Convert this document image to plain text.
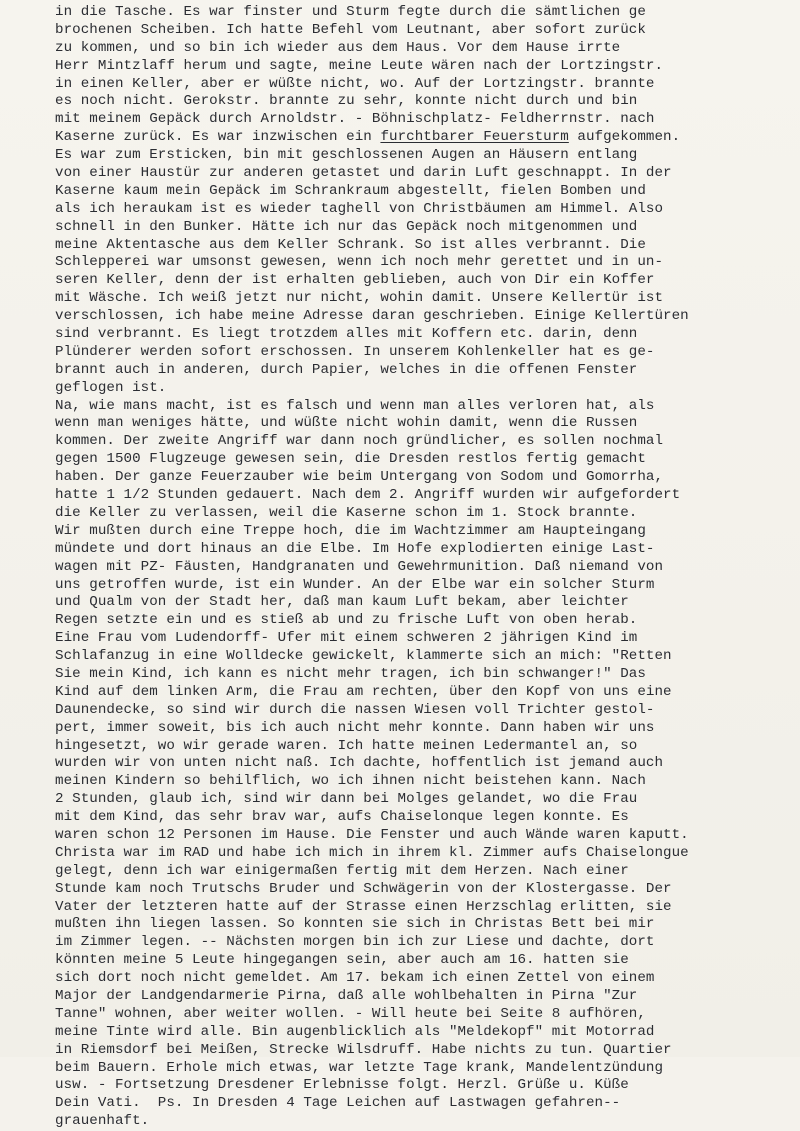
in die Tasche. Es war finster und Sturm fegte durch die sämtlichen ge
brochenen Scheiben. Ich hatte Befehl vom Leutnant, aber sofort zurück
zu kommen, und so bin ich wieder aus dem Haus. Vor dem Hause irrte
Herr Mintzlaff herum und sagte, meine Leute wären nach der Lortzingstr.
in einen Keller, aber er wüßte nicht, wo. Auf der Lortzingstr. brannte
es noch nicht. Gerokstr. brannte zu sehr, konnte nicht durch und bin
mit meinem Gepäck durch Arnoldstr. - Böhnischplatz- Feldherrnstr. nach
Kaserne zurück. Es war inzwischen ein furchtbarer Feuersturm aufgekommen.
Es war zum Ersticken, bin mit geschlossenen Augen an Häusern entlang
von einer Haustür zur anderen getastet und darin Luft geschnappt. In der
Kaserne kaum mein Gepäck im Schrankraum abgestellt, fielen Bomben und
als ich heraukam ist es wieder taghell von Christbäumen am Himmel. Also
schnell in den Bunker. Hätte ich nur das Gepäck noch mitgenommen und
meine Aktentasche aus dem Keller Schrank. So ist alles verbrannt. Die
Schlepperei war umsonst gewesen, wenn ich noch mehr gerettet und in un-
seren Keller, denn der ist erhalten geblieben, auch von Dir ein Koffer
mit Wäsche. Ich weiß jetzt nur nicht, wohin damit. Unsere Kellertür ist
verschlossen, ich habe meine Adresse daran geschrieben. Einige Kellertüren
sind verbrannt. Es liegt trotzdem alles mit Koffern etc. darin, denn
Plünderer werden sofort erschossen. In unserem Kohlenkeller hat es ge-
brannt auch in anderen, durch Papier, welches in die offenen Fenster
geflogen ist.
Na, wie mans macht, ist es falsch und wenn man alles verloren hat, als
wenn man weniges hätte, und wüßte nicht wohin damit, wenn die Russen
kommen. Der zweite Angriff war dann noch gründlicher, es sollen nochmal
gegen 1500 Flugzeuge gewesen sein, die Dresden restlos fertig gemacht
haben. Der ganze Feuerzauber wie beim Untergang von Sodom und Gomorrha,
hatte 1 1/2 Stunden gedauert. Nach dem 2. Angriff wurden wir aufgefordert
die Keller zu verlassen, weil die Kaserne schon im 1. Stock brannte.
Wir mußten durch eine Treppe hoch, die im Wachtzimmer am Haupteingang
mündete und dort hinaus an die Elbe. Im Hofe explodierten einige Last-
wagen mit PZ- Fäusten, Handgranaten und Gewehrmunition. Daß niemand von
uns getroffen wurde, ist ein Wunder. An der Elbe war ein solcher Sturm
und Qualm von der Stadt her, daß man kaum Luft bekam, aber leichter
Regen setzte ein und es stieß ab und zu frische Luft von oben herab.
Eine Frau vom Ludendorff- Ufer mit einem schweren 2 jährigen Kind im
Schlafanzug in eine Wolldecke gewickelt, klammerte sich an mich: "Retten
Sie mein Kind, ich kann es nicht mehr tragen, ich bin schwanger!" Das
Kind auf dem linken Arm, die Frau am rechten, über den Kopf von uns eine
Daunendecke, so sind wir durch die nassen Wiesen voll Trichter gestol-
pert, immer soweit, bis ich auch nicht mehr konnte. Dann haben wir uns
hingesetzt, wo wir gerade waren. Ich hatte meinen Ledermantel an, so
wurden wir von unten nicht naß. Ich dachte, hoffentlich ist jemand auch
meinen Kindern so behilflich, wo ich ihnen nicht beistehen kann. Nach
2 Stunden, glaub ich, sind wir dann bei Molges gelandet, wo die Frau
mit dem Kind, das sehr brav war, aufs Chaiselonque legen konnte. Es
waren schon 12 Personen im Hause. Die Fenster und auch Wände waren kaputt.
Christa war im RAD und habe ich mich in ihrem kl. Zimmer aufs Chaiselongue
gelegt, denn ich war einigermaßen fertig mit dem Herzen. Nach einer
Stunde kam noch Trutschs Bruder und Schwägerin von der Klostergasse. Der
Vater der letzteren hatte auf der Strasse einen Herzschlag erlitten, sie
mußten ihn liegen lassen. So konnten sie sich in Christas Bett bei mir
im Zimmer legen. -- Nächsten morgen bin ich zur Liese und dachte, dort
könnten meine 5 Leute hingegangen sein, aber auch am 16. hatten sie
sich dort noch nicht gemeldet. Am 17. bekam ich einen Zettel von einem
Major der Landgendarmerie Pirna, daß alle wohlbehalten in Pirna "Zur
Tanne" wohnen, aber weiter wollen. - Will heute bei Seite 8 aufhören,
meine Tinte wird alle. Bin augenblicklich als "Meldekopf" mit Motorrad
in Riemsdorf bei Meißen, Strecke Wilsdruff. Habe nichts zu tun. Quartier
beim Bauern. Erhole mich etwas, war letzte Tage krank, Mandelentzündung
usw. - Fortsetzung Dresdener Erlebnisse folgt. Herzl. Grüße u. Küße
Dein Vati.  Ps. In Dresden 4 Tage Leichen auf Lastwagen gefahren--
grauenhaft.
